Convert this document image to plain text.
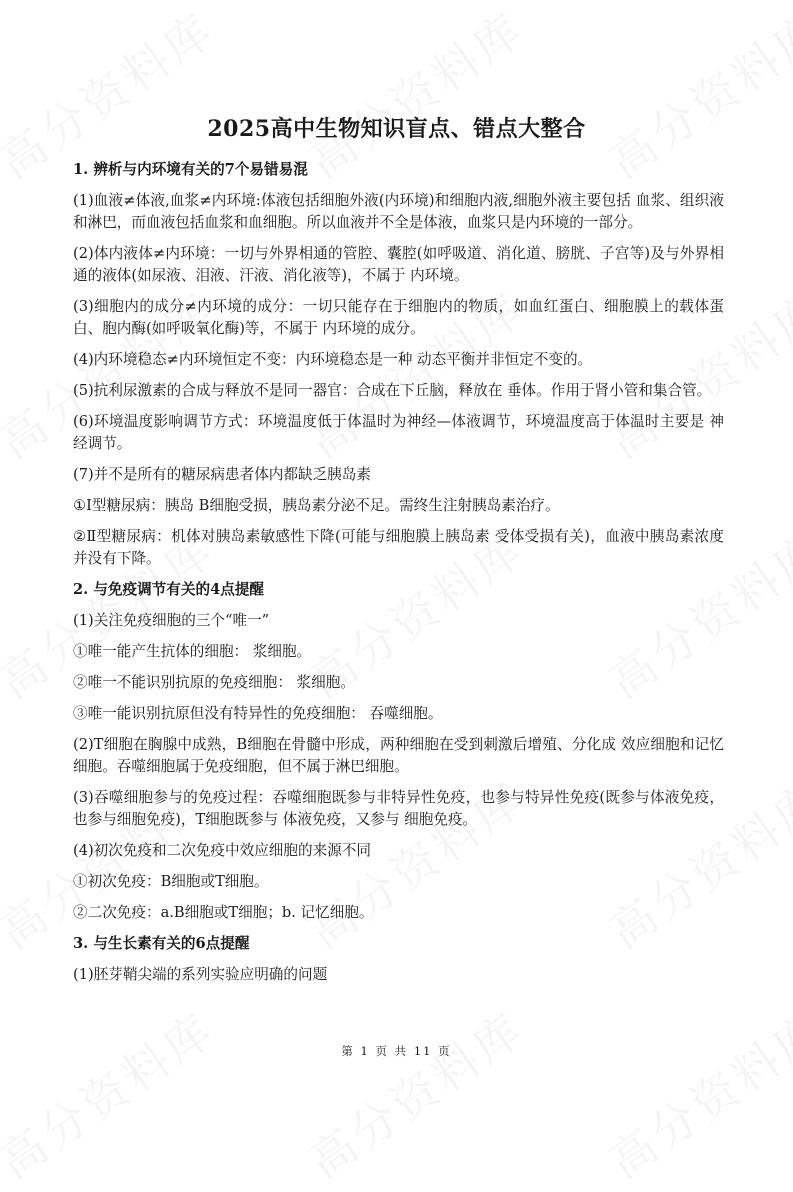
2025高中生物知识盲点、错点大整合
1. 辨析与内环境有关的7个易错易混
(1)血液≠体液,血浆≠内环境:体液包括细胞外液(内环境)和细胞内液,细胞外液主要包括 血浆、组织液和淋巴，而血液包括血浆和血细胞。所以血液并不全是体液，血浆只是内环境的一部分。
(2)体内液体≠内环境：一切与外界相通的管腔、囊腔(如呼吸道、消化道、膀胱、子宫等)及与外界相通的液体(如尿液、泪液、汗液、消化液等)，不属于 内环境。
(3)细胞内的成分≠内环境的成分：一切只能存在于细胞内的物质，如血红蛋白、细胞膜上的载体蛋白、胞内酶(如呼吸氧化酶)等，不属于 内环境的成分。
(4)内环境稳态≠内环境恒定不变：内环境稳态是一种 动态平衡并非恒定不变的。
(5)抗利尿激素的合成与释放不是同一器官：合成在下丘脑，释放在 垂体。作用于肾小管和集合管。
(6)环境温度影响调节方式：环境温度低于体温时为神经—体液调节，环境温度高于体温时主要是 神经调节。
(7)并不是所有的糖尿病患者体内都缺乏胰岛素
①Ⅰ型糖尿病：胰岛 B细胞受损，胰岛素分泌不足。需终生注射胰岛素治疗。
②Ⅱ型糖尿病：机体对胰岛素敏感性下降(可能与细胞膜上胰岛素 受体受损有关)，血液中胰岛素浓度并没有下降。
2. 与免疫调节有关的4点提醒
(1)关注免疫细胞的三个“唯一”
①唯一能产生抗体的细胞： 浆细胞。
②唯一不能识别抗原的免疫细胞： 浆细胞。
③唯一能识别抗原但没有特异性的免疫细胞： 吞噬细胞。
(2)T细胞在胸腺中成熟，B细胞在骨髓中形成，两种细胞在受到刺激后增殖、分化成 效应细胞和记忆细胞。吞噬细胞属于免疫细胞，但不属于淋巴细胞。
(3)吞噬细胞参与的免疫过程：吞噬细胞既参与非特异性免疫，也参与特异性免疫(既参与体液免疫，也参与细胞免疫)，T细胞既参与 体液免疫，又参与 细胞免疫。
(4)初次免疫和二次免疫中效应细胞的来源不同
①初次免疫：B细胞或T细胞。
②二次免疫：a.B细胞或T细胞；b. 记忆细胞。
3. 与生长素有关的6点提醒
(1)胚芽鞘尖端的系列实验应明确的问题
第 1 页 共 11 页
